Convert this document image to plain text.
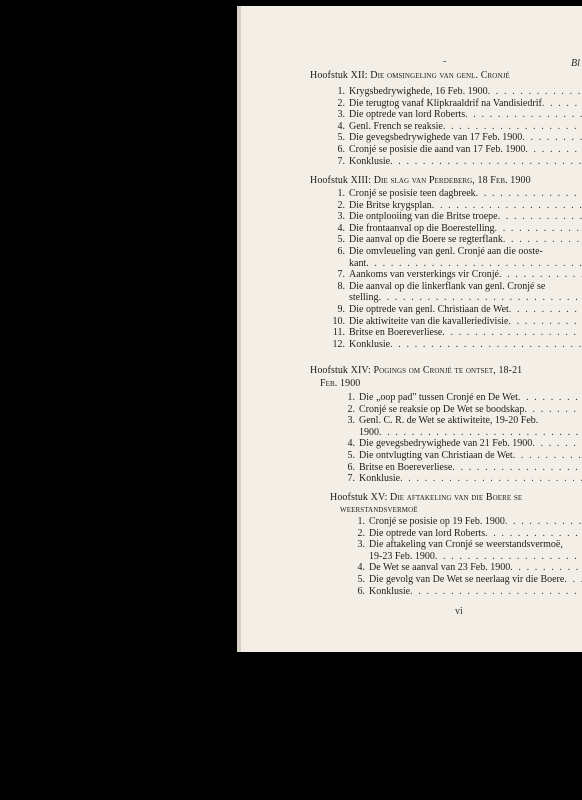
-	Bl
Hoofstuk XII: Die omsingeling van genl. Cronjé
1. Krygsbedrywighede, 16 Feb. 1900
. . .
2. Die terugtog vanaf Klipkraaldrif na Vandisiedrif
. . .
3. Die optrede van lord Roberts
. . .
4. Genl. French se reaksie
. . .
5. Die gevegsbedrywighede van 17 Feb. 1900
. . .
6. Cronjé se posisie die aand van 17 Feb. 1900
. . .
7. Konklusie
. . .
Hoofstuk XIII: Die slag van Perdeberg, 18 Feb. 1900
1. Cronjé se posisie teen dagbreek
. . .
2. Die Britse krygsplan
. . .
3. Die ontplooiing van die Britse troepe
. . .
4. Die frontaanval op die Boerestelling
. . .
5. Die aanval op die Boere se regterflank
. . .
6. Die omvleueling van genl. Cronjé aan die ooste-
kant
. . .
7. Aankoms van versterkings vir Cronjé
. . .
8. Die aanval op die linkerflank van genl. Cronjé se
stelling
. . .
9. Die optrede van genl. Christiaan de Wet
. . .
10. Die aktiwiteite van die kavalleriedivisie
. . .
11. Britse en Boereverliese
. . .
12. Konklusie
. . .
Hoofstuk XIV: Pogings om Cronjé te ontset, 18-21
Feb. 1900
1. Die „oop pad" tussen Cronjé en De Wet
. . .
2. Cronjé se reaksie op De Wet se boodskap
. . .
3. Genl. C. R. de Wet se aktiwiteite, 19-20 Feb.
1900
. . .
4. Die gevegsbedrywighede van 21 Feb. 1900
. . .
5. Die ontvlugting van Christiaan de Wet
. . .
6. Britse en Boereverliese
. . .
7. Konklusie
. . .
Hoofstuk XV: Die aftakeling van die Boere se
weerstandsvermoë
1. Cronjé se posisie op 19 Feb. 1900
. . .
2. Die optrede van lord Roberts
. . .
3. Die aftakeling van Cronjé se weerstandsvermoë,
19-23 Feb. 1900
. . .
4. De Wet se aanval van 23 Feb. 1900
. . .
5. Die gevolg van De Wet se neerlaag vir die Boere
. . .
6. Konklusie
. . .
vi
